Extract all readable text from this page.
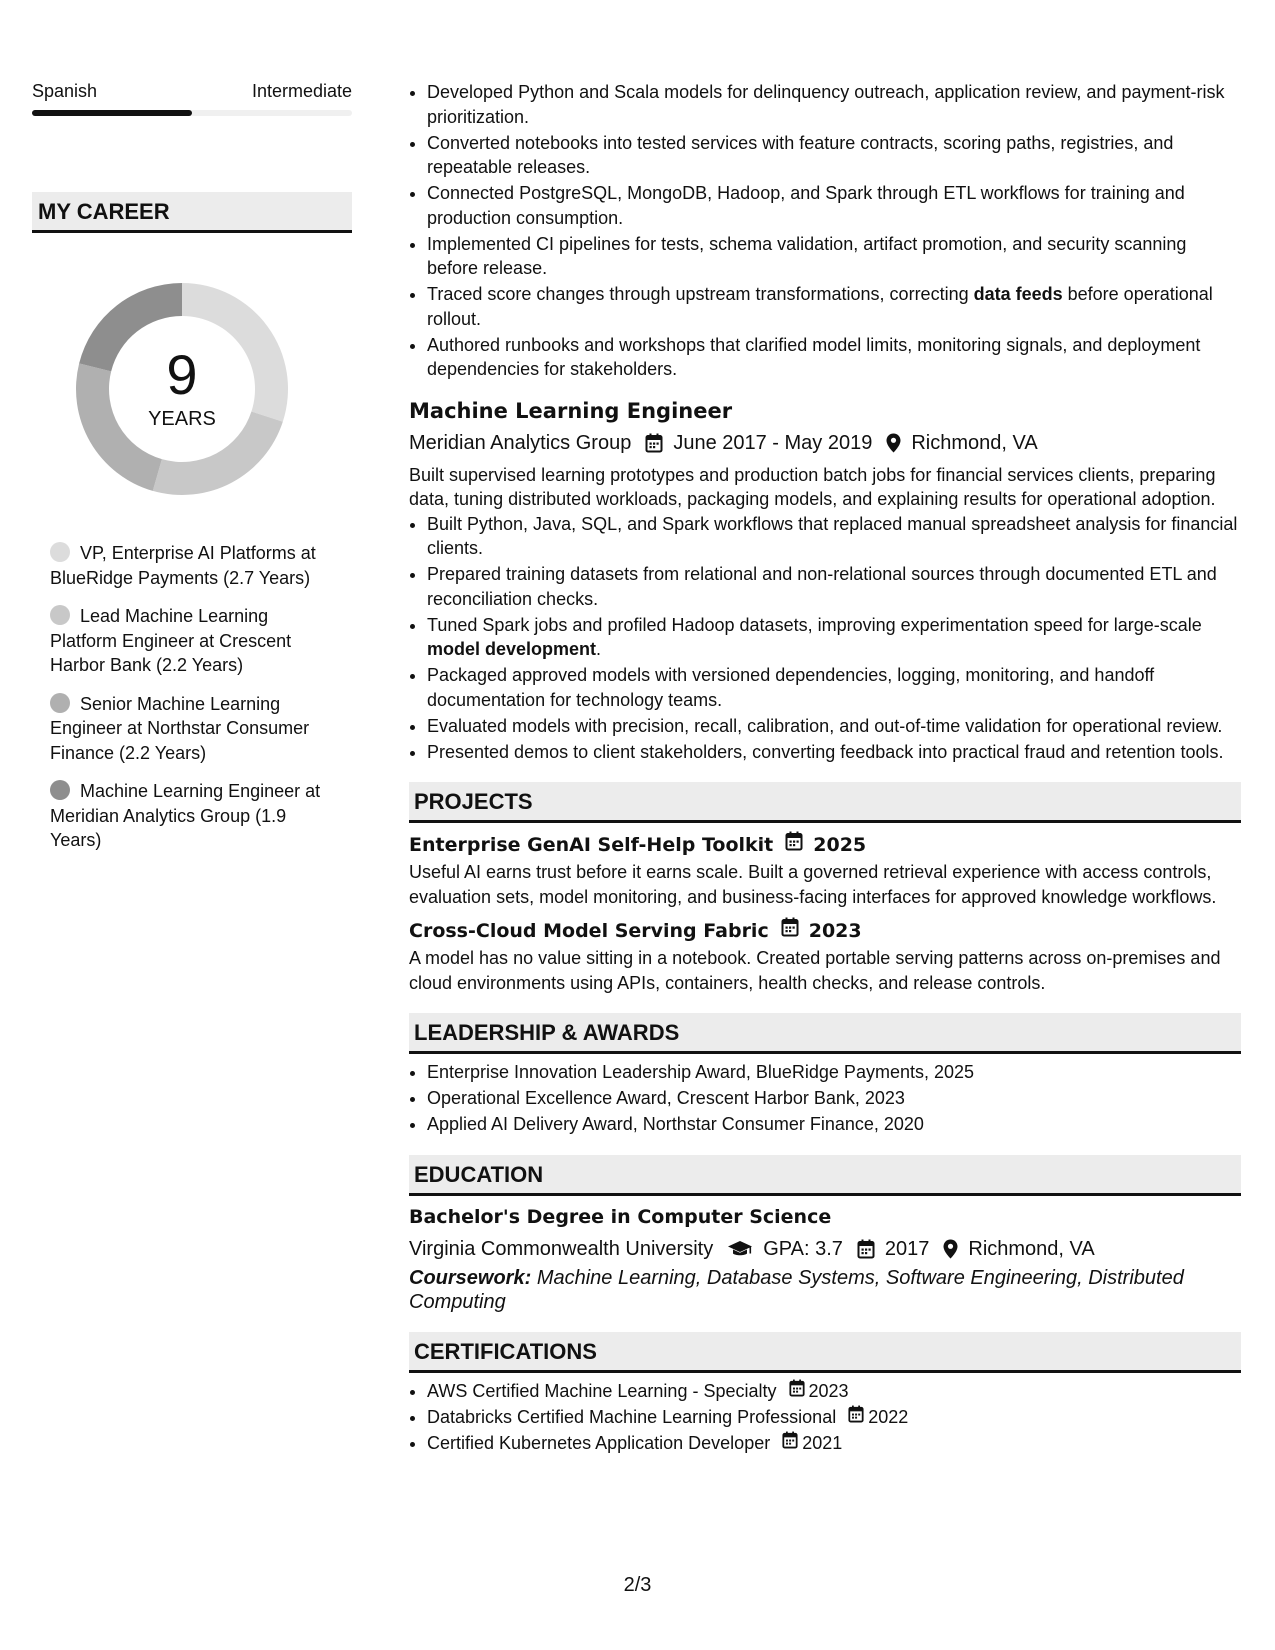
Spanish	Intermediate
MY CAREER
9
YEARS
VP, Enterprise AI Platforms at BlueRidge Payments (2.7 Years)
Lead Machine Learning Platform Engineer at Crescent Harbor Bank (2.2 Years)
Senior Machine Learning Engineer at Northstar Consumer Finance (2.2 Years)
Machine Learning Engineer at Meridian Analytics Group (1.9 Years)
• Developed Python and Scala models for delinquency outreach, application review, and payment-risk prioritization.
• Converted notebooks into tested services with feature contracts, scoring paths, registries, and repeatable releases.
• Connected PostgreSQL, MongoDB, Hadoop, and Spark through ETL workflows for training and production consumption.
• Implemented CI pipelines for tests, schema validation, artifact promotion, and security scanning before release.
• Traced score changes through upstream transformations, correcting data feeds before operational rollout.
• Authored runbooks and workshops that clarified model limits, monitoring signals, and deployment dependencies for stakeholders.
Machine Learning Engineer
Meridian Analytics Group June 2017 - May 2019 Richmond, VA
Built supervised learning prototypes and production batch jobs for financial services clients, preparing data, tuning distributed workloads, packaging models, and explaining results for operational adoption.
• Built Python, Java, SQL, and Spark workflows that replaced manual spreadsheet analysis for financial clients.
• Prepared training datasets from relational and non-relational sources through documented ETL and reconciliation checks.
• Tuned Spark jobs and profiled Hadoop datasets, improving experimentation speed for large-scale model development.
• Packaged approved models with versioned dependencies, logging, monitoring, and handoff documentation for technology teams.
• Evaluated models with precision, recall, calibration, and out-of-time validation for operational review.
• Presented demos to client stakeholders, converting feedback into practical fraud and retention tools.
PROJECTS
Enterprise GenAI Self-Help Toolkit 2025
Useful AI earns trust before it earns scale. Built a governed retrieval experience with access controls, evaluation sets, model monitoring, and business-facing interfaces for approved knowledge workflows.
Cross-Cloud Model Serving Fabric 2023
A model has no value sitting in a notebook. Created portable serving patterns across on-premises and cloud environments using APIs, containers, health checks, and release controls.
LEADERSHIP & AWARDS
• Enterprise Innovation Leadership Award, BlueRidge Payments, 2025
• Operational Excellence Award, Crescent Harbor Bank, 2023
• Applied AI Delivery Award, Northstar Consumer Finance, 2020
EDUCATION
Bachelor's Degree in Computer Science
Virginia Commonwealth University	GPA: 3.7 2017 Richmond, VA
Coursework: Machine Learning, Database Systems, Software Engineering, Distributed Computing
CERTIFICATIONS
• AWS Certified Machine Learning - Specialty 2023
• Databricks Certified Machine Learning Professional 2022
• Certified Kubernetes Application Developer 2021
2/3
